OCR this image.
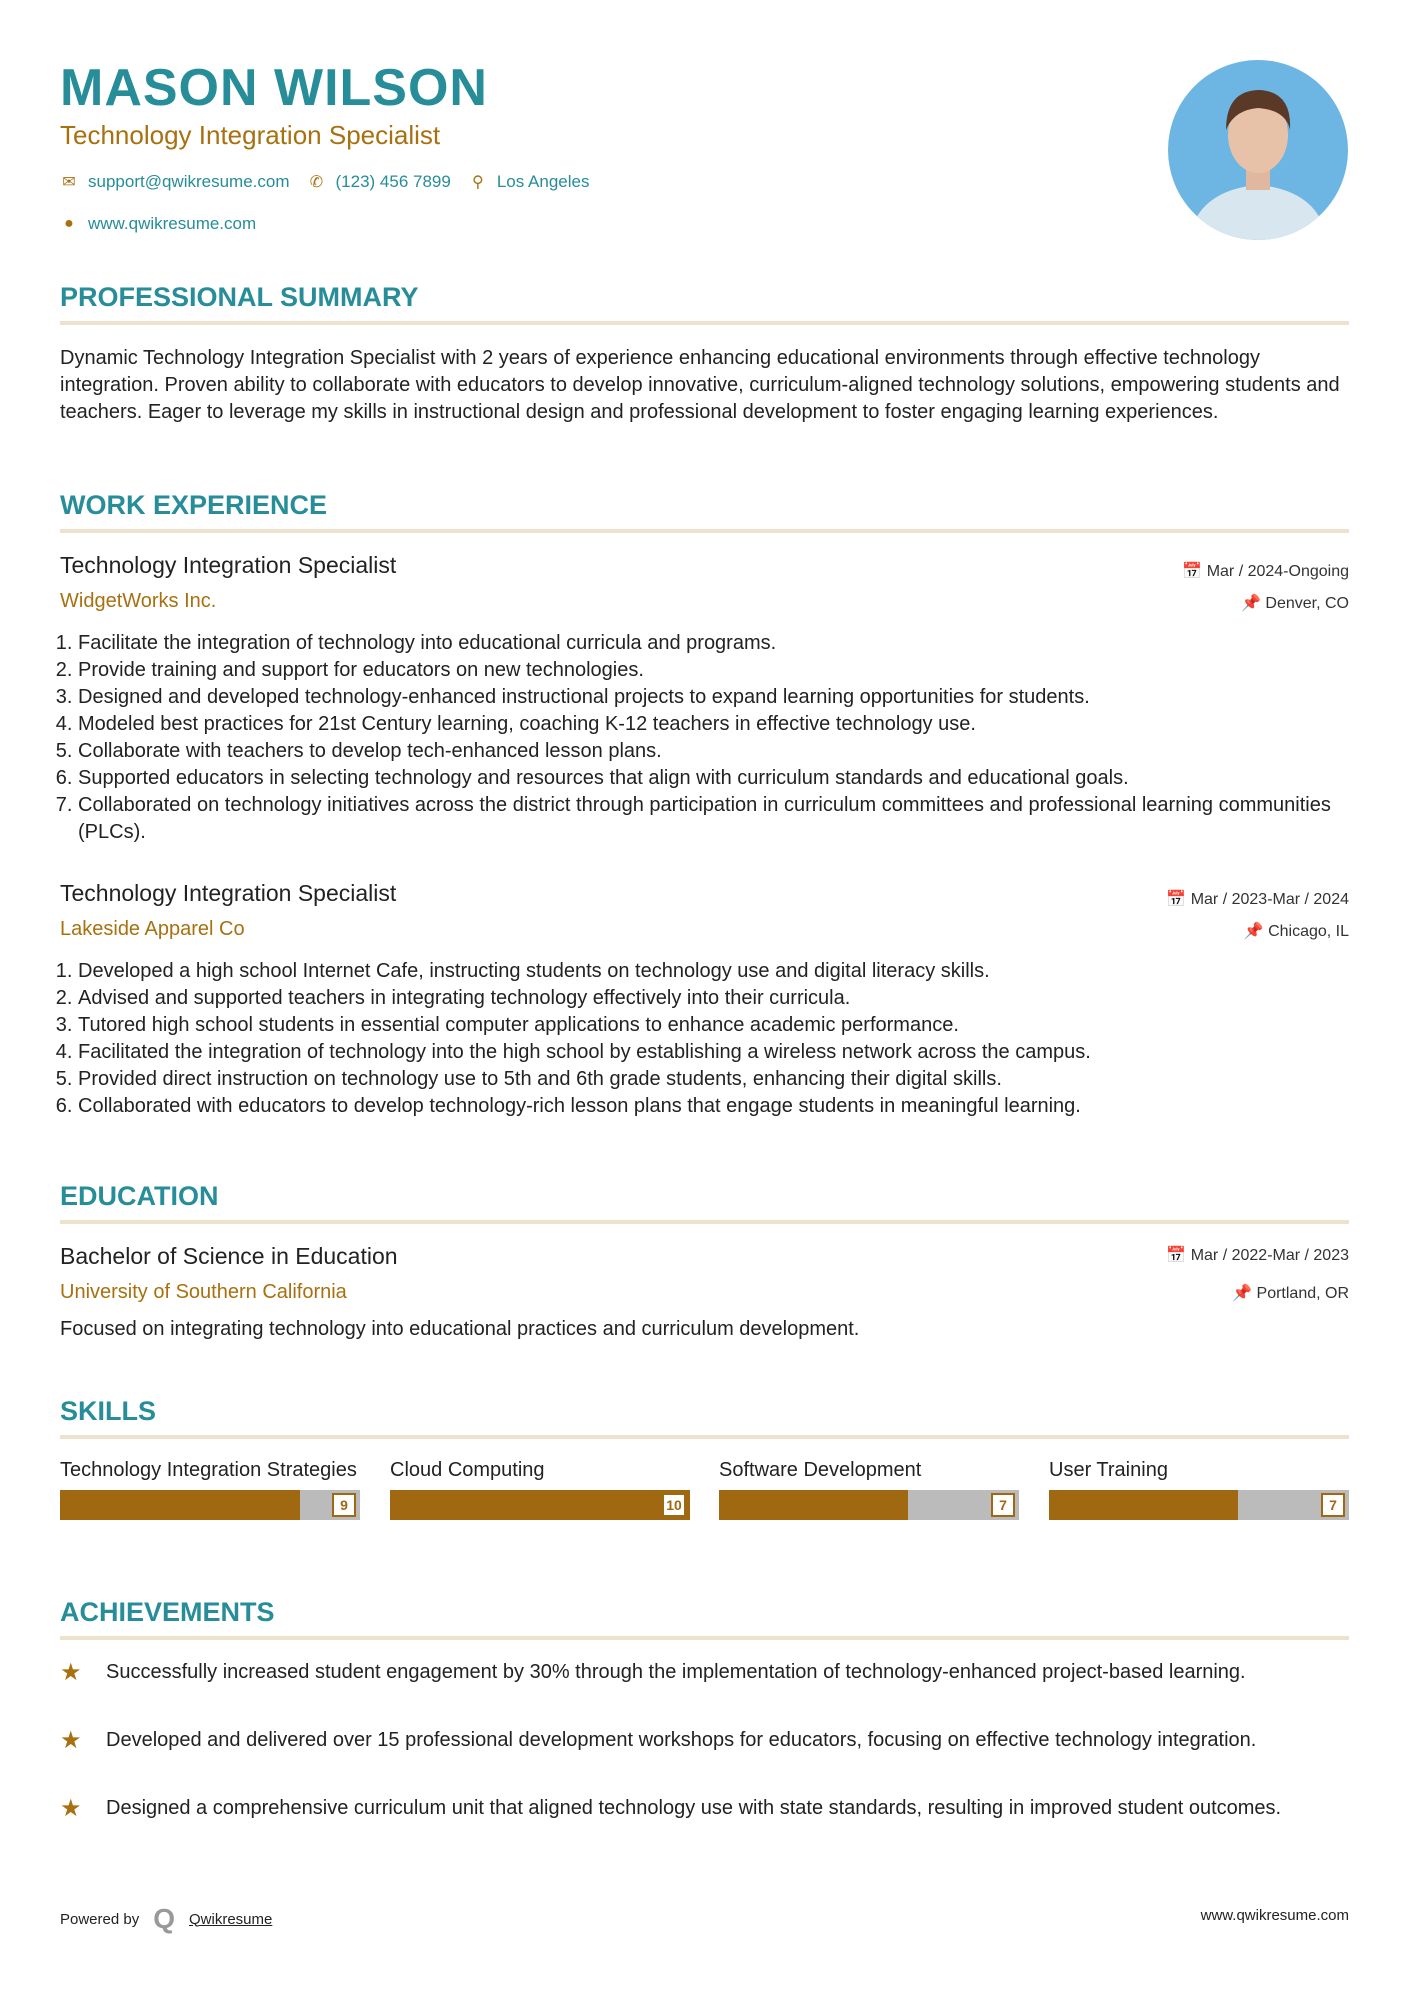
MASON WILSON
Technology Integration Specialist
✉ support@qwikresume.com ✆ (123) 456 7899 ⚲ Los Angeles
● www.qwikresume.com
PROFESSIONAL SUMMARY
Dynamic Technology Integration Specialist with 2 years of experience enhancing educational environments through effective technology integration. Proven ability to collaborate with educators to develop innovative, curriculum-aligned technology solutions, empowering students and teachers. Eager to leverage my skills in instructional design and professional development to foster engaging learning experiences.
WORK EXPERIENCE
Technology Integration Specialist	📅 Mar / 2024-Ongoing
WidgetWorks Inc.	📌 Denver, CO
1. Facilitate the integration of technology into educational curricula and programs.
2. Provide training and support for educators on new technologies.
3. Designed and developed technology-enhanced instructional projects to expand learning opportunities for students.
4. Modeled best practices for 21st Century learning, coaching K-12 teachers in effective technology use.
5. Collaborate with teachers to develop tech-enhanced lesson plans.
6. Supported educators in selecting technology and resources that align with curriculum standards and educational goals.
7. Collaborated on technology initiatives across the district through participation in curriculum committees and professional learning communities (PLCs).
Technology Integration Specialist	📅 Mar / 2023-Mar / 2024
Lakeside Apparel Co	📌 Chicago, IL
1. Developed a high school Internet Cafe, instructing students on technology use and digital literacy skills.
2. Advised and supported teachers in integrating technology effectively into their curricula.
3. Tutored high school students in essential computer applications to enhance academic performance.
4. Facilitated the integration of technology into the high school by establishing a wireless network across the campus.
5. Provided direct instruction on technology use to 5th and 6th grade students, enhancing their digital skills.
6. Collaborated with educators to develop technology-rich lesson plans that engage students in meaningful learning.
EDUCATION
Bachelor of Science in Education	📅 Mar / 2022-Mar / 2023
University of Southern California	📌 Portland, OR
Focused on integrating technology into educational practices and curriculum development.
SKILLS
Technology Integration Strategies
9
Cloud Computing
10
Software Development
7
User Training
7
ACHIEVEMENTS
★	Successfully increased student engagement by 30% through the implementation of technology-enhanced project-based learning.
★	Developed and delivered over 15 professional development workshops for educators, focusing on effective technology integration.
★	Designed a comprehensive curriculum unit that aligned technology use with state standards, resulting in improved student outcomes.
Powered by Q Qwikresume	www.qwikresume.com
